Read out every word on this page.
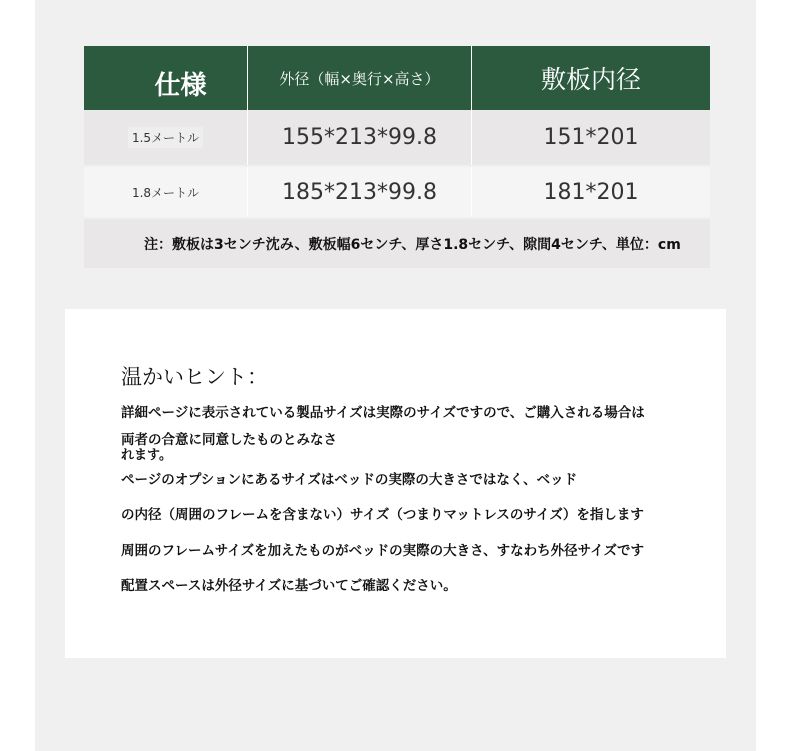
仕様	外径（幅×奥行×高さ）	敷板内径
1.5メートル	155*213*99.8	151*201
1.8メートル	185*213*99.8	181*201
注：敷板は3センチ沈み、敷板幅6センチ、厚さ1.8センチ、隙間4センチ、単位：cm
温かいヒント：
詳細ページに表示されている製品サイズは実際のサイズですので、ご購入される場合は
両者の合意に同意したものとみなさ
れます。
ページのオプションにあるサイズはベッドの実際の大きさではなく、ベッド
の内径（周囲のフレームを含まない）サイズ（つまりマットレスのサイズ）を指します
周囲のフレームサイズを加えたものがベッドの実際の大きさ、すなわち外径サイズです
配置スペースは外径サイズに基づいてご確認ください。
